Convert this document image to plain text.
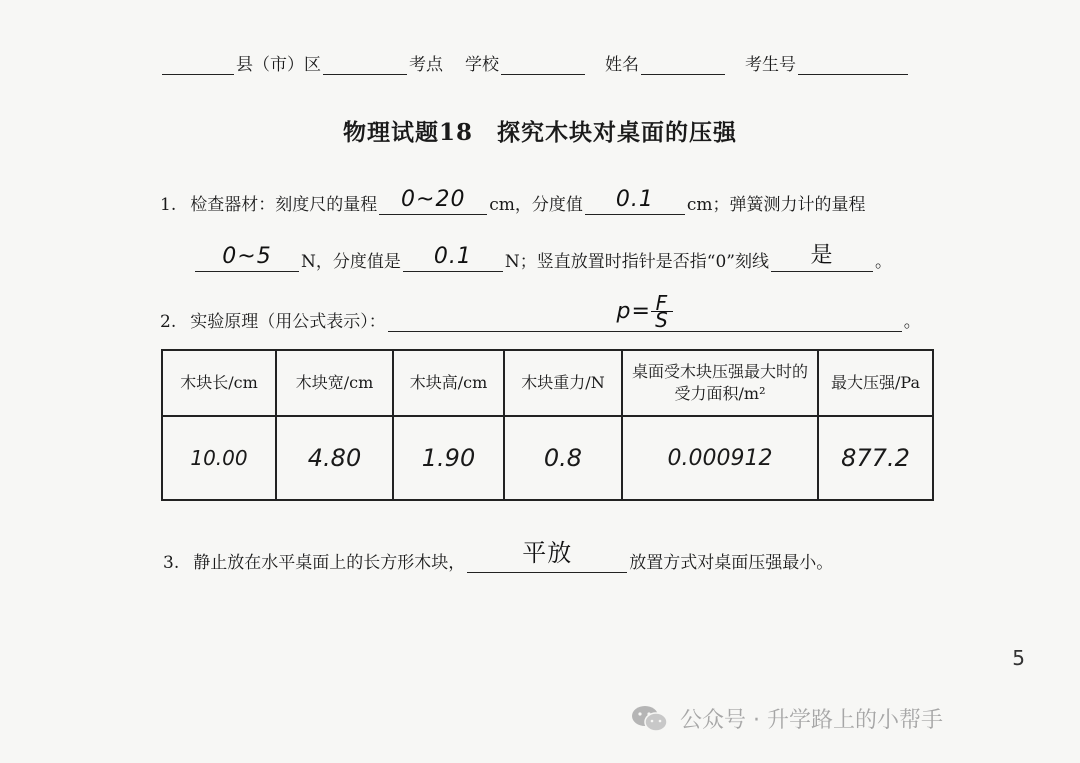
县（市）区	考点 学校	姓名	考生号
物理试题18　探究木块对桌面的压强
1. 检查器材：刻度尺的量程	0~20	cm，分度值	0.1	cm；弹簧测力计的量程
0~5	N，分度值是	0.1	N；竖直放置时指针是否指“0”刻线	是	。
2. 实验原理（用公式表示）：	$p= \frac{F}{S}$	。
木块长/cm	木块宽/cm	木块高/cm	木块重力/N	桌面受木块压强最大时的受力面积/m²	最大压强/Pa
10.00	4.80	1.90	0.8	0.000912	877.2
3. 静止放在水平桌面上的长方形木块，	平放	放置方式对桌面压强最小。
5
公众号 · 升学路上的小帮手
